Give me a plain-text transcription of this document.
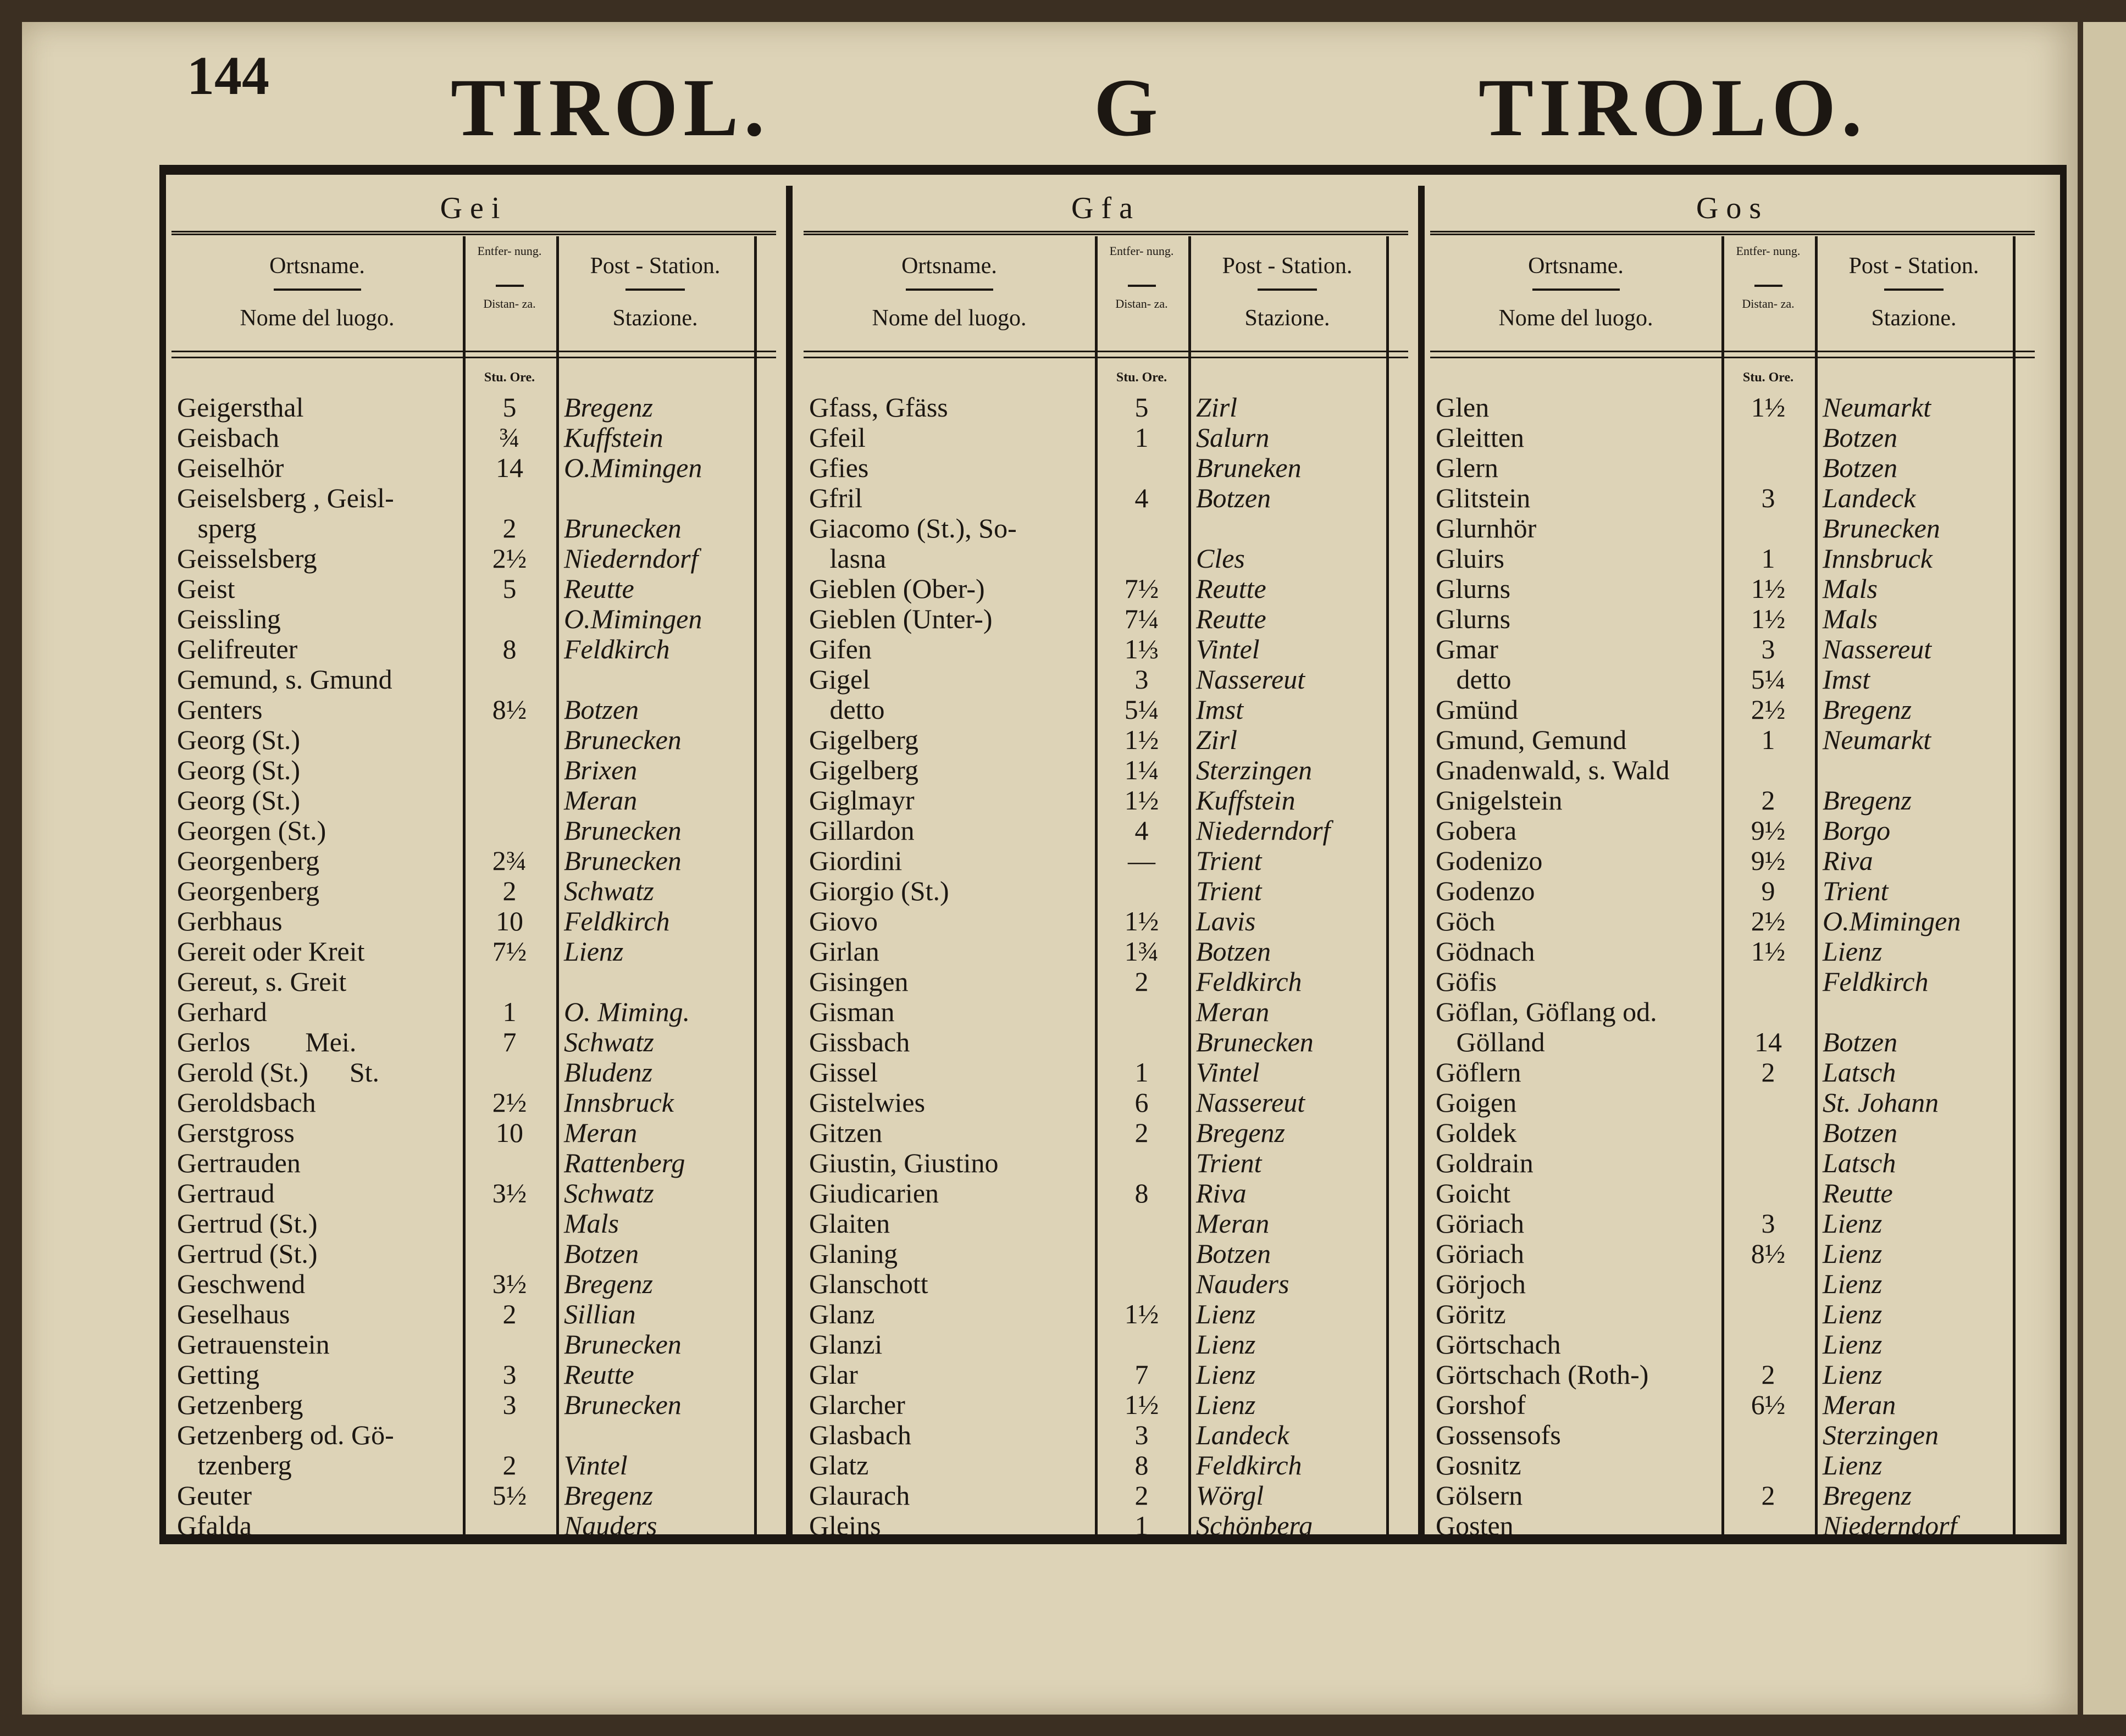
144 TIROL.	G	TIROLO.
Gei
Ortsname.
Nome del luogo.
Entfer- nung.
Distan- za.
Post - Station.
Stazione.
Stu. Ore.
Geigersthal	5	Bregenz
Geisbach	¾	Kuffstein
Geiselhör	14	O.Mimingen
Geiselsberg , Geisl-
sperg	2	Brunecken
Geisselsberg	2½	Niederndorf
Geist	5	Reutte
Geissling	O.Mimingen
Gelifreuter	8	Feldkirch
Gemund, s. Gmund
Genters	8½	Botzen
Georg (St.)	Brunecken
Georg (St.)	Brixen
Georg (St.)	Meran
Georgen (St.)	Brunecken
Georgenberg	2¾	Brunecken
Georgenberg	2	Schwatz
Gerbhaus	10	Feldkirch
Gereit oder Kreit	7½	Lienz
Gereut, s. Greit
Gerhard	1	O. Miming.
Gerlos        Mei.	7	Schwatz
Gerold (St.)      St.	Bludenz
Geroldsbach	2½	Innsbruck
Gerstgross	10	Meran
Gertrauden	Rattenberg
Gertraud	3½	Schwatz
Gertrud (St.)	Mals
Gertrud (St.)	Botzen
Geschwend	3½	Bregenz
Geselhaus	2	Sillian
Getrauenstein	Brunecken
Getting	3	Reutte
Getzenberg	3	Brunecken
Getzenberg od. Gö-
tzenberg	2	Vintel
Geuter	5½	Bregenz
Gfalda	Nauders
Gfa
Ortsname.
Nome del luogo.
Entfer- nung.
Distan- za.
Post - Station.
Stazione.
Stu. Ore.
Gfass, Gfäss	5	Zirl
Gfeil	1	Salurn
Gfies	Bruneken
Gfril	4	Botzen
Giacomo (St.), So-
lasna	Cles
Gieblen (Ober-)	7½	Reutte
Gieblen (Unter-)	7¼	Reutte
Gifen	1⅓	Vintel
Gigel	3	Nassereut
detto	5¼	Imst
Gigelberg	1½	Zirl
Gigelberg	1¼	Sterzingen
Giglmayr	1½	Kuffstein
Gillardon	4	Niederndorf
Giordini	—	Trient
Giorgio (St.)	Trient
Giovo	1½	Lavis
Girlan	1¾	Botzen
Gisingen	2	Feldkirch
Gisman	Meran
Gissbach	Brunecken
Gissel	1	Vintel
Gistelwies	6	Nassereut
Gitzen	2	Bregenz
Giustin, Giustino	Trient
Giudicarien	8	Riva
Glaiten	Meran
Glaning	Botzen
Glanschott	Nauders
Glanz	1½	Lienz
Glanzi	Lienz
Glar	7	Lienz
Glarcher	1½	Lienz
Glasbach	3	Landeck
Glatz	8	Feldkirch
Glaurach	2	Wörgl
Gleins	1	Schönberg
Gos
Ortsname.
Nome del luogo.
Entfer- nung.
Distan- za.
Post - Station.
Stazione.
Stu. Ore.
Glen	1½	Neumarkt
Gleitten	Botzen
Glern	Botzen
Glitstein	3	Landeck
Glurnhör	Brunecken
Gluirs	1	Innsbruck
Glurns	1½	Mals
Glurns	1½	Mals
Gmar	3	Nassereut
detto	5¼	Imst
Gmünd	2½	Bregenz
Gmund, Gemund	1	Neumarkt
Gnadenwald, s. Wald
Gnigelstein	2	Bregenz
Gobera	9½	Borgo
Godenizo	9½	Riva
Godenzo	9	Trient
Göch	2½	O.Mimingen
Gödnach	1½	Lienz
Göfis	Feldkirch
Göflan, Göflang od.
Gölland	14	Botzen
Göflern	2	Latsch
Goigen	St. Johann
Goldek	Botzen
Goldrain	Latsch
Goicht	Reutte
Göriach	3	Lienz
Göriach	8½	Lienz
Görjoch	Lienz
Göritz	Lienz
Görtschach	Lienz
Görtschach (Roth-)	2	Lienz
Gorshof	6½	Meran
Gossensofs	Sterzingen
Gosnitz	Lienz
Gölsern	2	Bregenz
Gosten	Niederndorf
